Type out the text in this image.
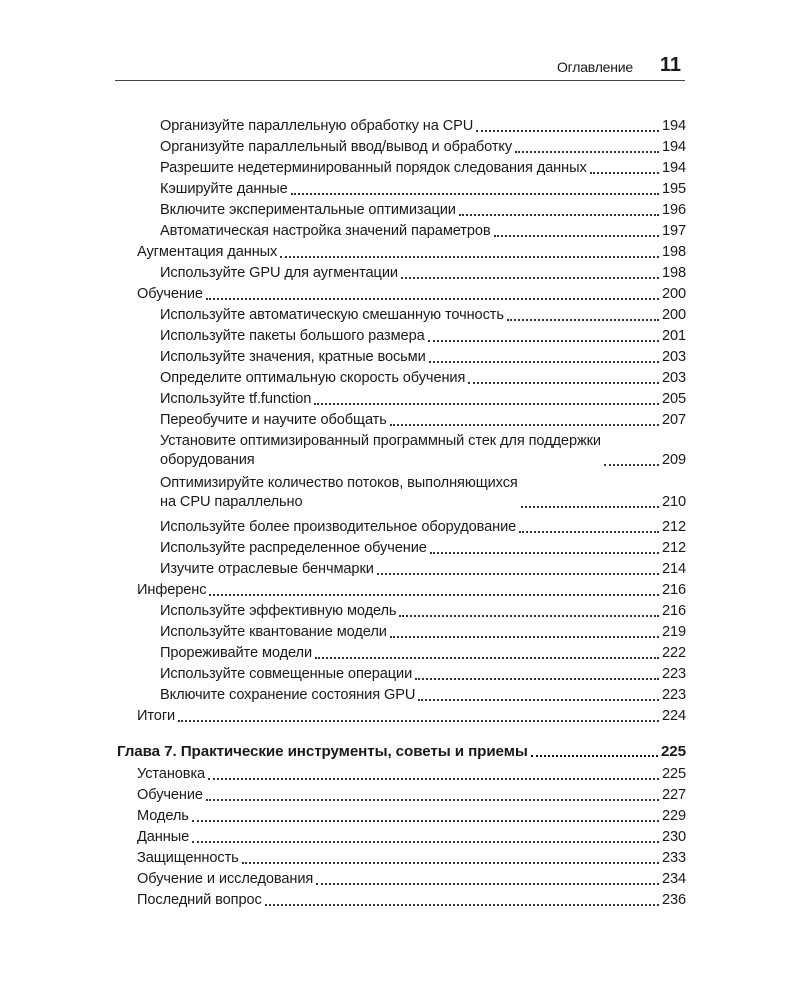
Оглавление 11
Организуйте параллельную обработку на CPU	194
Организуйте параллельный ввод/вывод и обработку	194
Разрешите недетерминированный порядок следования данных	194
Кэшируйте данные	195
Включите экспериментальные оптимизации	196
Автоматическая настройка значений параметров	197
Аугментация данных	198
Используйте GPU для аугментации	198
Обучение	200
Используйте автоматическую смешанную точность	200
Используйте пакеты большого размера	201
Используйте значения, кратные восьми	203
Определите оптимальную скорость обучения	203
Используйте tf.function	205
Переобучите и научите обобщать	207
Установите оптимизированный программный стек для поддержки
оборудования	209
Оптимизируйте количество потоков, выполняющихся
на CPU параллельно	210
Используйте более производительное оборудование	212
Используйте распределенное обучение	212
Изучите отраслевые бенчмарки	214
Инференс	216
Используйте эффективную модель	216
Используйте квантование модели	219
Прореживайте модели	222
Используйте совмещенные операции	223
Включите сохранение состояния GPU	223
Итоги	224
Глава 7. Практические инструменты, советы и приемы	225
Установка	225
Обучение	227
Модель	229
Данные	230
Защищенность	233
Обучение и исследования	234
Последний вопрос	236
